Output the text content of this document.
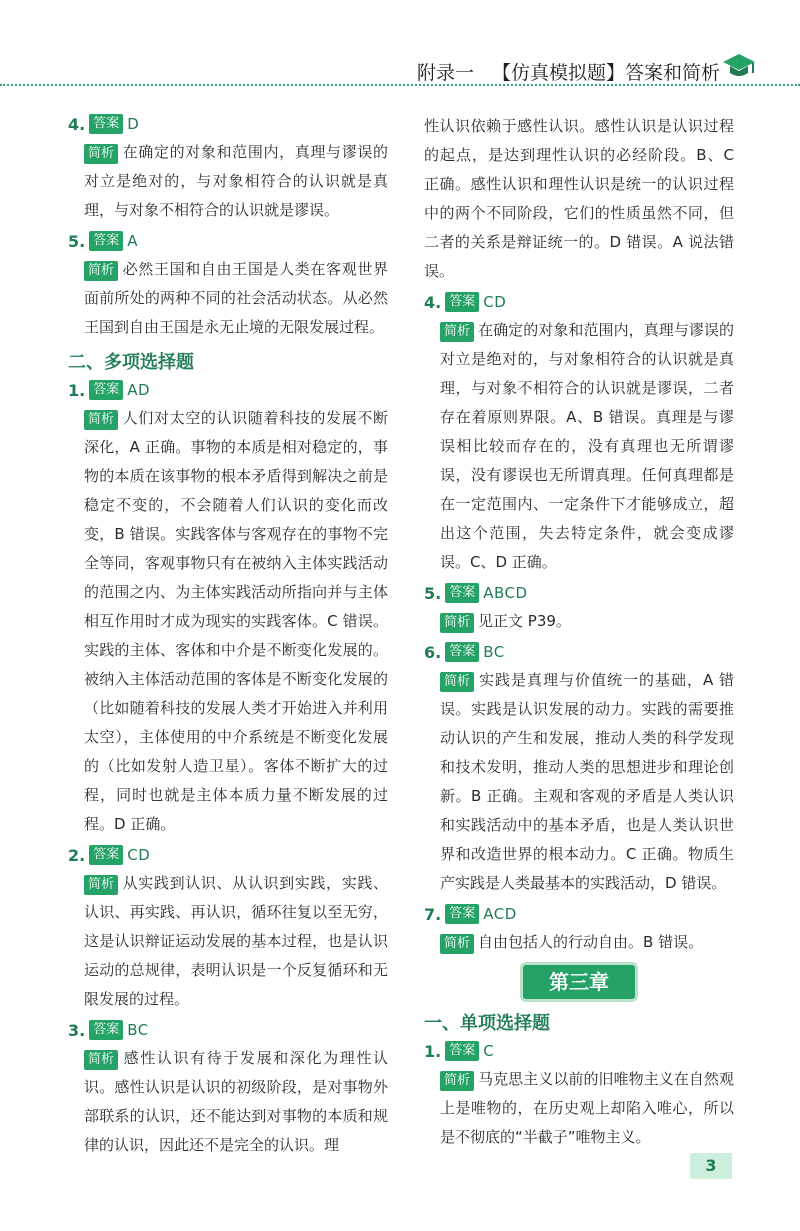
附录一 【仿真模拟题】答案和简析
4. 答案 D
简析 在确定的对象和范围内，真理与谬误的对立是绝对的，与对象相符合的认识就是真理，与对象不相符合的认识就是谬误。
5. 答案 A
简析 必然王国和自由王国是人类在客观世界面前所处的两种不同的社会活动状态。从必然王国到自由王国是永无止境的无限发展过程。
二、多项选择题
1. 答案 AD
简析 人们对太空的认识随着科技的发展不断深化，A 正确。事物的本质是相对稳定的，事物的本质在该事物的根本矛盾得到解决之前是稳定不变的，不会随着人们认识的变化而改变，B 错误。实践客体与客观存在的事物不完全等同，客观事物只有在被纳入主体实践活动的范围之内、为主体实践活动所指向并与主体相互作用时才成为现实的实践客体。C 错误。实践的主体、客体和中介是不断变化发展的。被纳入主体活动范围的客体是不断变化发展的（比如随着科技的发展人类才开始进入并利用太空），主体使用的中介系统是不断变化发展的（比如发射人造卫星）。客体不断扩大的过程，同时也就是主体本质力量不断发展的过程。D 正确。
2. 答案 CD
简析 从实践到认识、从认识到实践，实践、认识、再实践、再认识，循环往复以至无穷，这是认识辩证运动发展的基本过程，也是认识运动的总规律，表明认识是一个反复循环和无限发展的过程。
3. 答案 BC
简析 感性认识有待于发展和深化为理性认识。感性认识是认识的初级阶段，是对事物外部联系的认识，还不能达到对事物的本质和规律的认识，因此还不是完全的认识。理
性认识依赖于感性认识。感性认识是认识过程的起点，是达到理性认识的必经阶段。B、C 正确。感性认识和理性认识是统一的认识过程中的两个不同阶段，它们的性质虽然不同，但二者的关系是辩证统一的。D 错误。A 说法错误。
4. 答案 CD
简析 在确定的对象和范围内，真理与谬误的对立是绝对的，与对象相符合的认识就是真理，与对象不相符合的认识就是谬误，二者存在着原则界限。A、B 错误。真理是与谬误相比较而存在的，没有真理也无所谓谬误，没有谬误也无所谓真理。任何真理都是在一定范围内、一定条件下才能够成立，超出这个范围，失去特定条件，就会变成谬误。C、D 正确。
5. 答案 ABCD
简析 见正文 P39。
6. 答案 BC
简析 实践是真理与价值统一的基础，A 错误。实践是认识发展的动力。实践的需要推动认识的产生和发展，推动人类的科学发现和技术发明，推动人类的思想进步和理论创新。B 正确。主观和客观的矛盾是人类认识和实践活动中的基本矛盾，也是人类认识世界和改造世界的根本动力。C 正确。物质生产实践是人类最基本的实践活动，D 错误。
7. 答案 ACD
简析 自由包括人的行动自由。B 错误。
第三章
一、单项选择题
1. 答案 C
简析 马克思主义以前的旧唯物主义在自然观上是唯物的，在历史观上却陷入唯心，所以是不彻底的“半截子”唯物主义。
3
